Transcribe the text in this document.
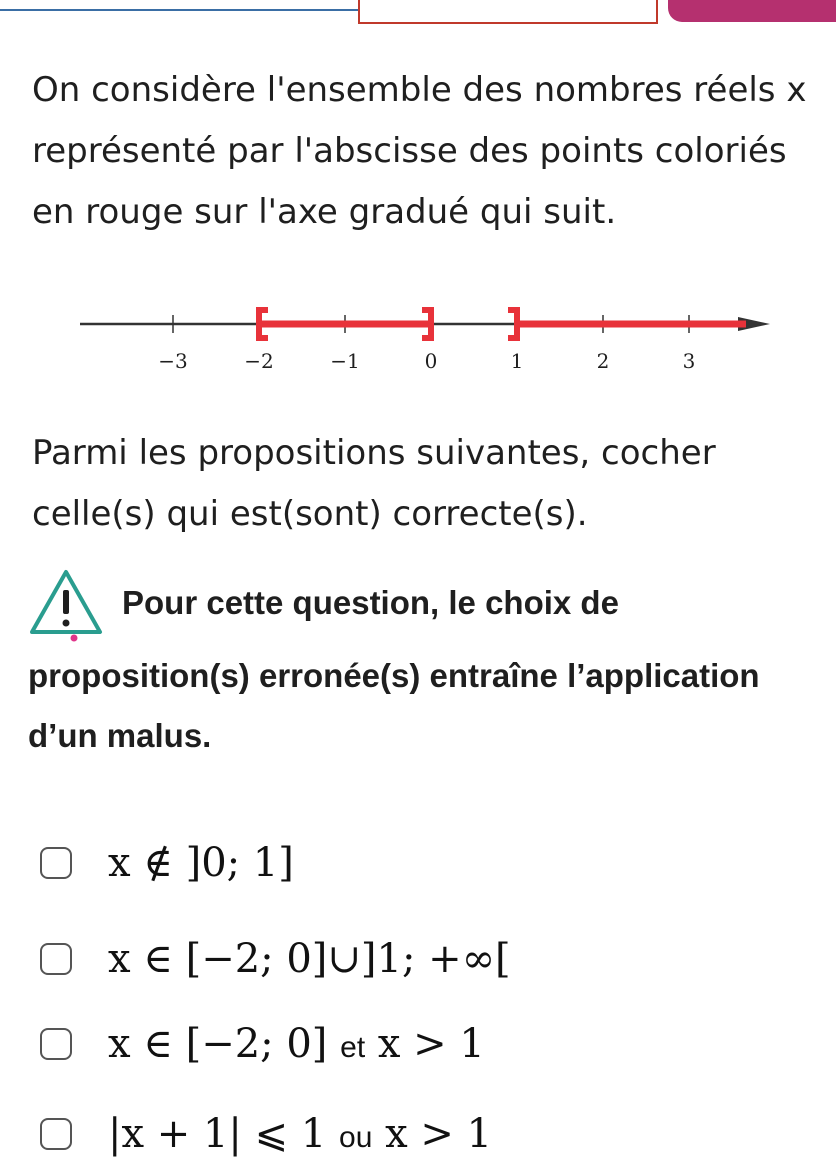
On considère l'ensemble des nombres réels x représenté par l'abscisse des points coloriés en rouge sur l'axe gradué qui suit.

−3	−2	−1	0	1	2	3

Parmi les propositions suivantes, cocher celle(s) qui est(sont) correcte(s).

Pour cette question, le choix de
proposition(s) erronée(s) entraîne l’application d’un malus.
x ∉ ]0; 1]
x ∈ [−2; 0]∪]1; +∞[
x ∈ [−2; 0] et x > 1
|x + 1| ⩽ 1 ou x > 1
